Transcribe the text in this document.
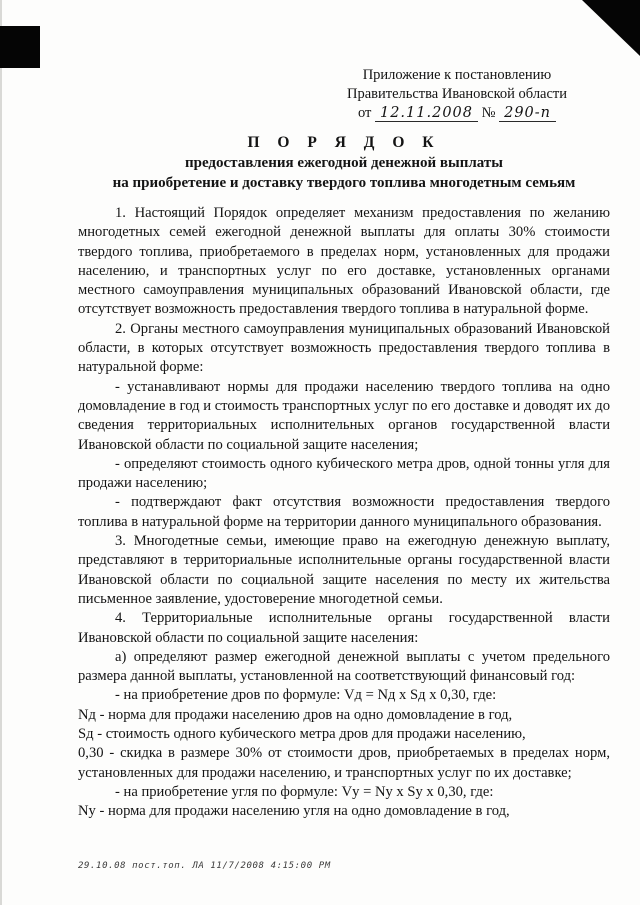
Приложение к постановлению
Правительства Ивановской области
от 12.11.2008 № 290-п
П О Р Я Д О К
предоставления ежегодной денежной выплаты
на приобретение и доставку твердого топлива многодетным семьям

1. Настоящий Порядок определяет механизм предоставления по желанию многодетных семей ежегодной денежной выплаты для оплаты 30% стоимости твердого топлива, приобретаемого в пределах норм, установленных для продажи населению, и транспортных услуг по его доставке, установленных органами местного самоуправления муниципальных образований Ивановской области, где отсутствует возможность предоставления твердого топлива в натуральной форме.

2. Органы местного самоуправления муниципальных образований Ивановской области, в которых отсутствует возможность предоставления твердого топлива в натуральной форме:

- устанавливают нормы для продажи населению твердого топлива на одно домовладение в год и стоимость транспортных услуг по его доставке и доводят их до сведения территориальных исполнительных органов государственной власти Ивановской области по социальной защите населения;

- определяют стоимость одного кубического метра дров, одной тонны угля для продажи населению;

- подтверждают факт отсутствия возможности предоставления твердого топлива в натуральной форме на территории данного муниципального образования.

3. Многодетные семьи, имеющие право на ежегодную денежную выплату, представляют в территориальные исполнительные органы государственной власти Ивановской области по социальной защите населения по месту их жительства письменное заявление, удостоверение многодетной семьи.

4. Территориальные исполнительные органы государственной власти Ивановской области по социальной защите населения:

а) определяют размер ежегодной денежной выплаты с учетом предельного размера данной выплаты, установленной на соответствующий финансовый год:

- на приобретение дров по формуле: Vд = Nд х Sд х 0,30, где:

Nд - норма для продажи населению дров на одно домовладение в год,

Sд - стоимость одного кубического метра дров для продажи населению,

0,30 - скидка в размере 30% от стоимости дров, приобретаемых в пределах норм, установленных для продажи населению, и транспортных услуг по их доставке;

- на приобретение угля по формуле: Vу = Nу х Sу х 0,30, где:

Nу - норма для продажи населению угля на одно домовладение в год,

29.10.08 пост.топ. ЛА 11/7/2008 4:15:00 PM
